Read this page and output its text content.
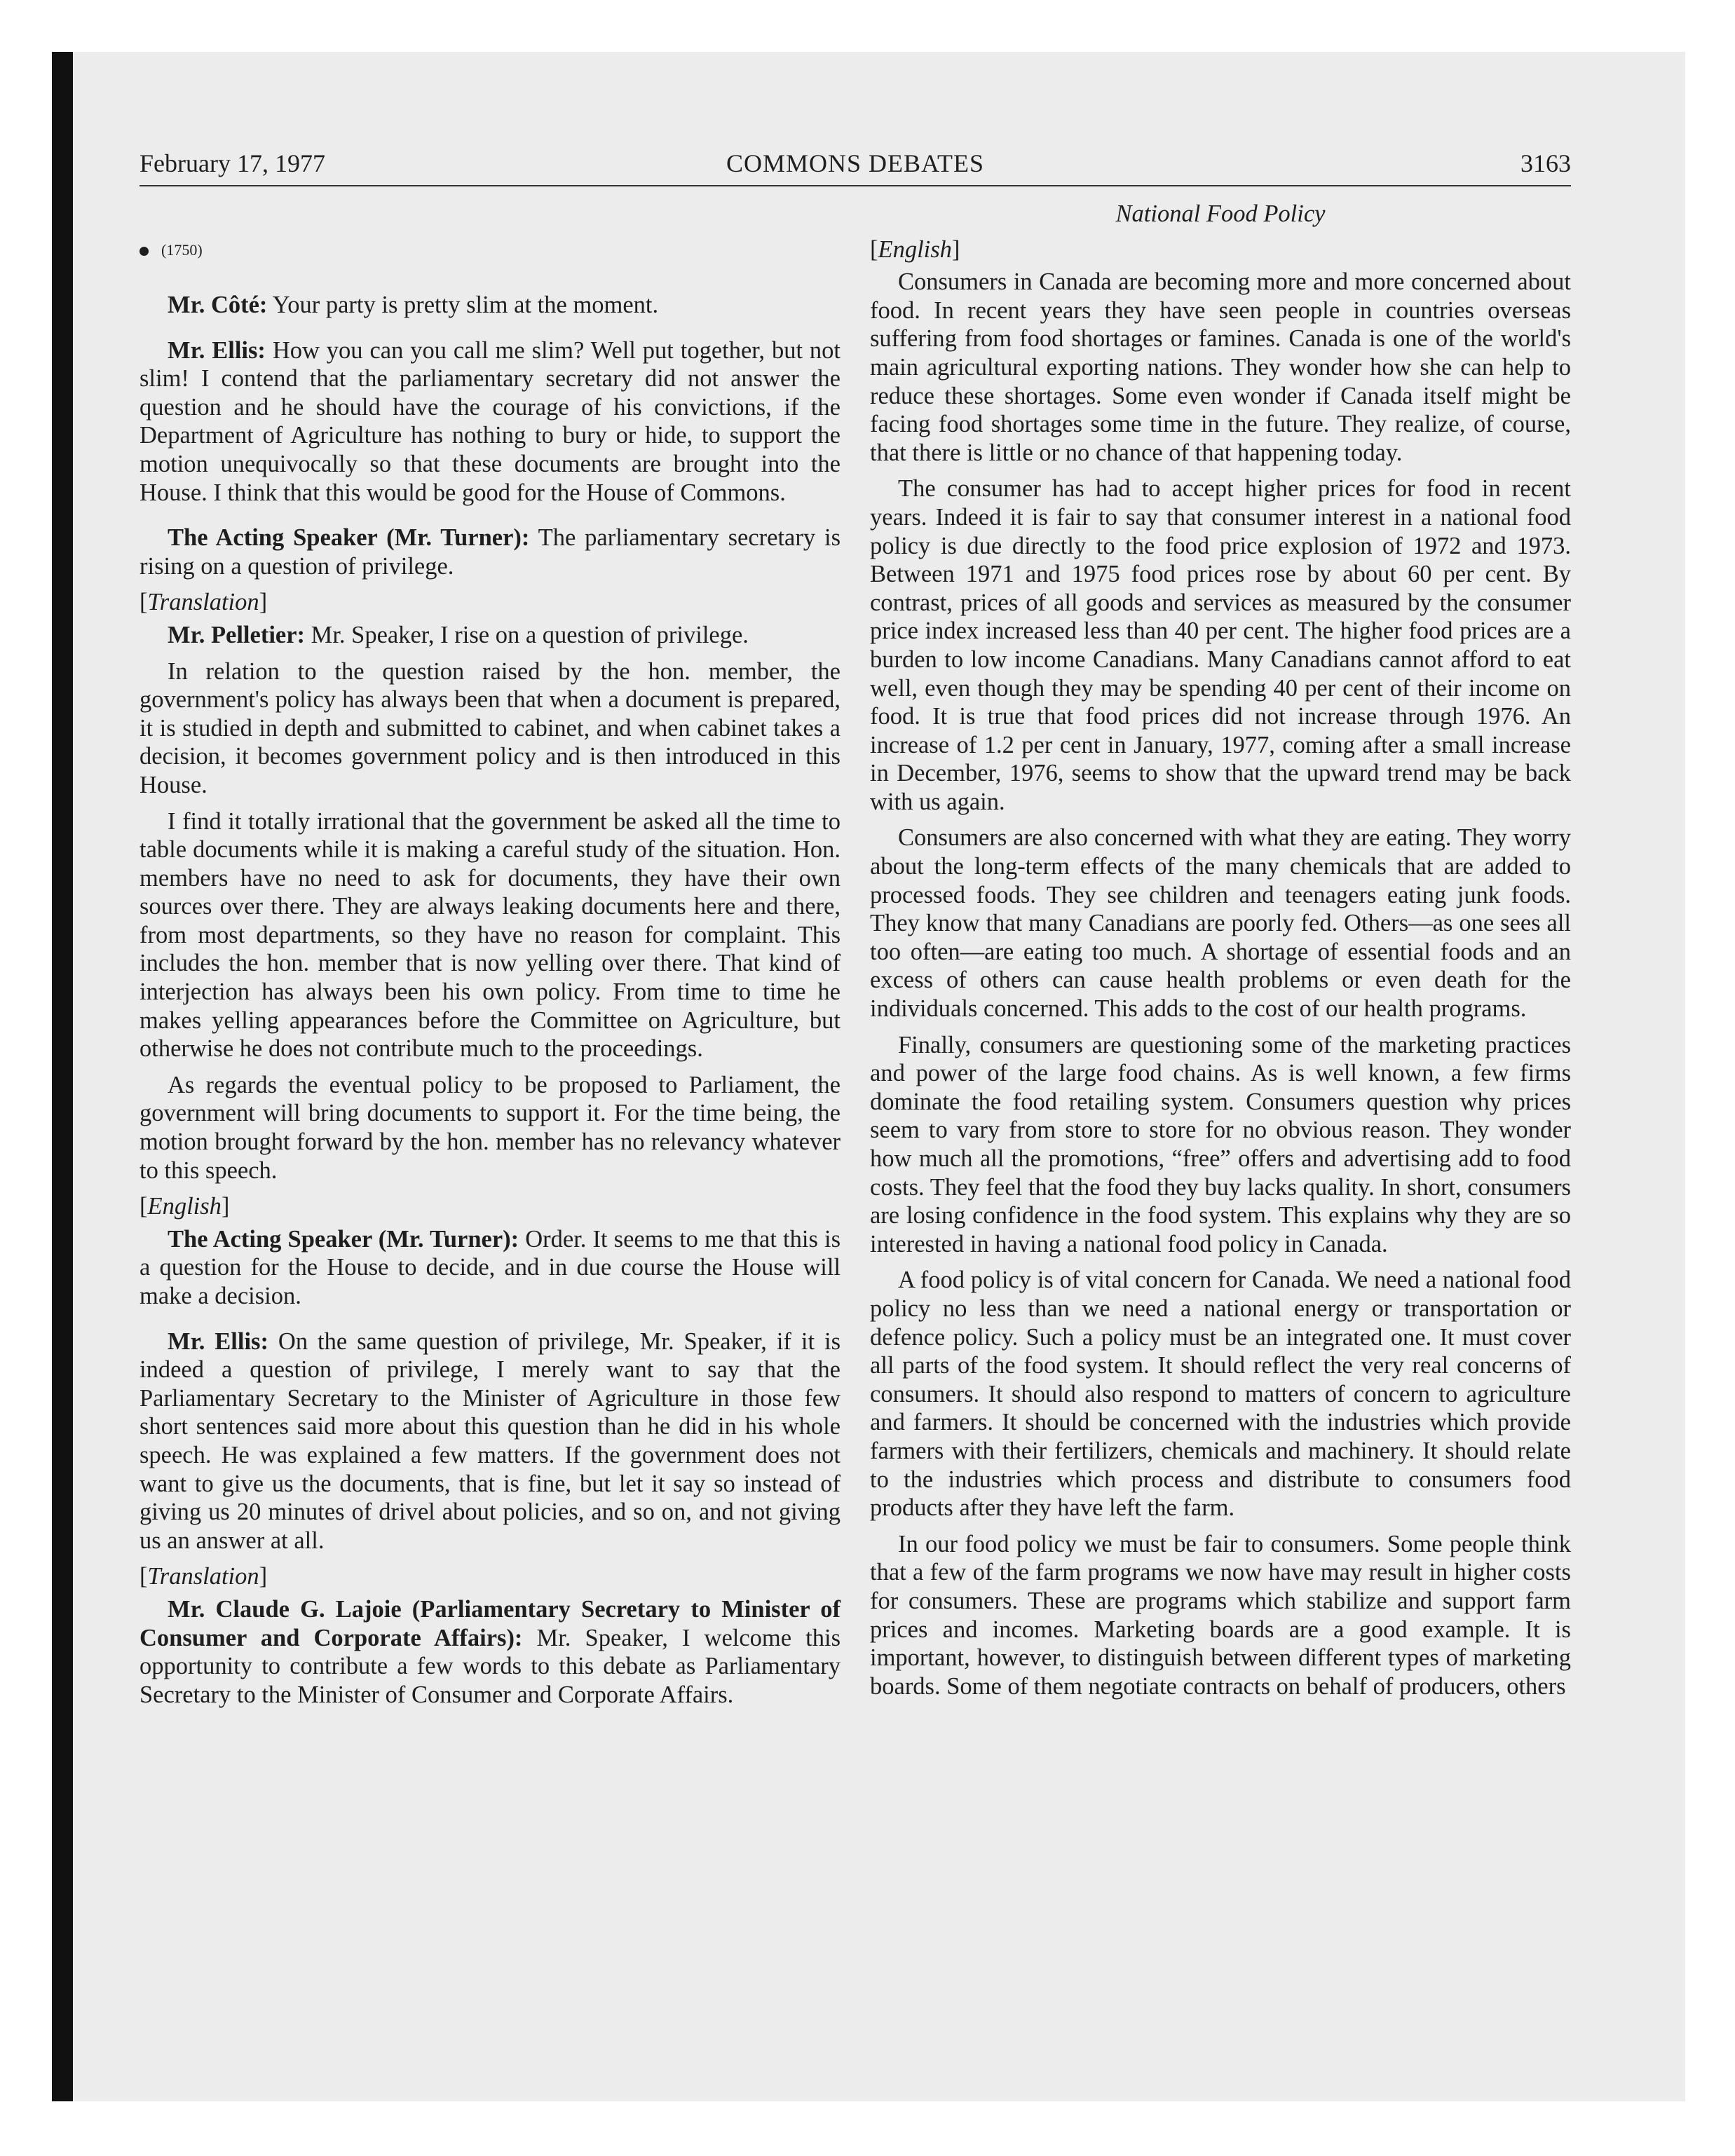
February 17, 1977	COMMONS DEBATES	3163
(1750)

Mr. Côté: Your party is pretty slim at the moment.

Mr. Ellis: How you can you call me slim? Well put together, but not slim! I contend that the parliamentary secretary did not answer the question and he should have the courage of his convictions, if the Department of Agriculture has nothing to bury or hide, to support the motion unequivocally so that these documents are brought into the House. I think that this would be good for the House of Commons.

The Acting Speaker (Mr. Turner): The parliamentary secretary is rising on a question of privilege.

[Translation]

Mr. Pelletier: Mr. Speaker, I rise on a question of privilege.

In relation to the question raised by the hon. member, the government's policy has always been that when a document is prepared, it is studied in depth and submitted to cabinet, and when cabinet takes a decision, it becomes government policy and is then introduced in this House.

I find it totally irrational that the government be asked all the time to table documents while it is making a careful study of the situation. Hon. members have no need to ask for documents, they have their own sources over there. They are always leaking documents here and there, from most departments, so they have no reason for complaint. This includes the hon. member that is now yelling over there. That kind of interjection has always been his own policy. From time to time he makes yelling appearances before the Committee on Agriculture, but otherwise he does not contribute much to the proceedings.

As regards the eventual policy to be proposed to Parliament, the government will bring documents to support it. For the time being, the motion brought forward by the hon. member has no relevancy whatever to this speech.

[English]

The Acting Speaker (Mr. Turner): Order. It seems to me that this is a question for the House to decide, and in due course the House will make a decision.

Mr. Ellis: On the same question of privilege, Mr. Speaker, if it is indeed a question of privilege, I merely want to say that the Parliamentary Secretary to the Minister of Agriculture in those few short sentences said more about this question than he did in his whole speech. He was explained a few matters. If the government does not want to give us the documents, that is fine, but let it say so instead of giving us 20 minutes of drivel about policies, and so on, and not giving us an answer at all.

[Translation]

Mr. Claude G. Lajoie (Parliamentary Secretary to Minister of Consumer and Corporate Affairs): Mr. Speaker, I welcome this opportunity to contribute a few words to this debate as Parliamentary Secretary to the Minister of Consumer and Corporate Affairs.

National Food Policy

[English]

Consumers in Canada are becoming more and more concerned about food. In recent years they have seen people in countries overseas suffering from food shortages or famines. Canada is one of the world's main agricultural exporting nations. They wonder how she can help to reduce these shortages. Some even wonder if Canada itself might be facing food shortages some time in the future. They realize, of course, that there is little or no chance of that happening today.

The consumer has had to accept higher prices for food in recent years. Indeed it is fair to say that consumer interest in a national food policy is due directly to the food price explosion of 1972 and 1973. Between 1971 and 1975 food prices rose by about 60 per cent. By contrast, prices of all goods and services as measured by the consumer price index increased less than 40 per cent. The higher food prices are a burden to low income Canadians. Many Canadians cannot afford to eat well, even though they may be spending 40 per cent of their income on food. It is true that food prices did not increase through 1976. An increase of 1.2 per cent in January, 1977, coming after a small increase in December, 1976, seems to show that the upward trend may be back with us again.

Consumers are also concerned with what they are eating. They worry about the long-term effects of the many chemicals that are added to processed foods. They see children and teenagers eating junk foods. They know that many Canadians are poorly fed. Others—as one sees all too often—are eating too much. A shortage of essential foods and an excess of others can cause health problems or even death for the individuals concerned. This adds to the cost of our health programs.

Finally, consumers are questioning some of the marketing practices and power of the large food chains. As is well known, a few firms dominate the food retailing system. Consumers question why prices seem to vary from store to store for no obvious reason. They wonder how much all the promotions, “free” offers and advertising add to food costs. They feel that the food they buy lacks quality. In short, consumers are losing confidence in the food system. This explains why they are so interested in having a national food policy in Canada.

A food policy is of vital concern for Canada. We need a national food policy no less than we need a national energy or transportation or defence policy. Such a policy must be an integrated one. It must cover all parts of the food system. It should reflect the very real concerns of consumers. It should also respond to matters of concern to agriculture and farmers. It should be concerned with the industries which provide farmers with their fertilizers, chemicals and machinery. It should relate to the industries which process and distribute to consumers food products after they have left the farm.

In our food policy we must be fair to consumers. Some people think that a few of the farm programs we now have may result in higher costs for consumers. These are programs which stabilize and support farm prices and incomes. Marketing boards are a good example. It is important, however, to distinguish between different types of marketing boards. Some of them negotiate contracts on behalf of producers, others
